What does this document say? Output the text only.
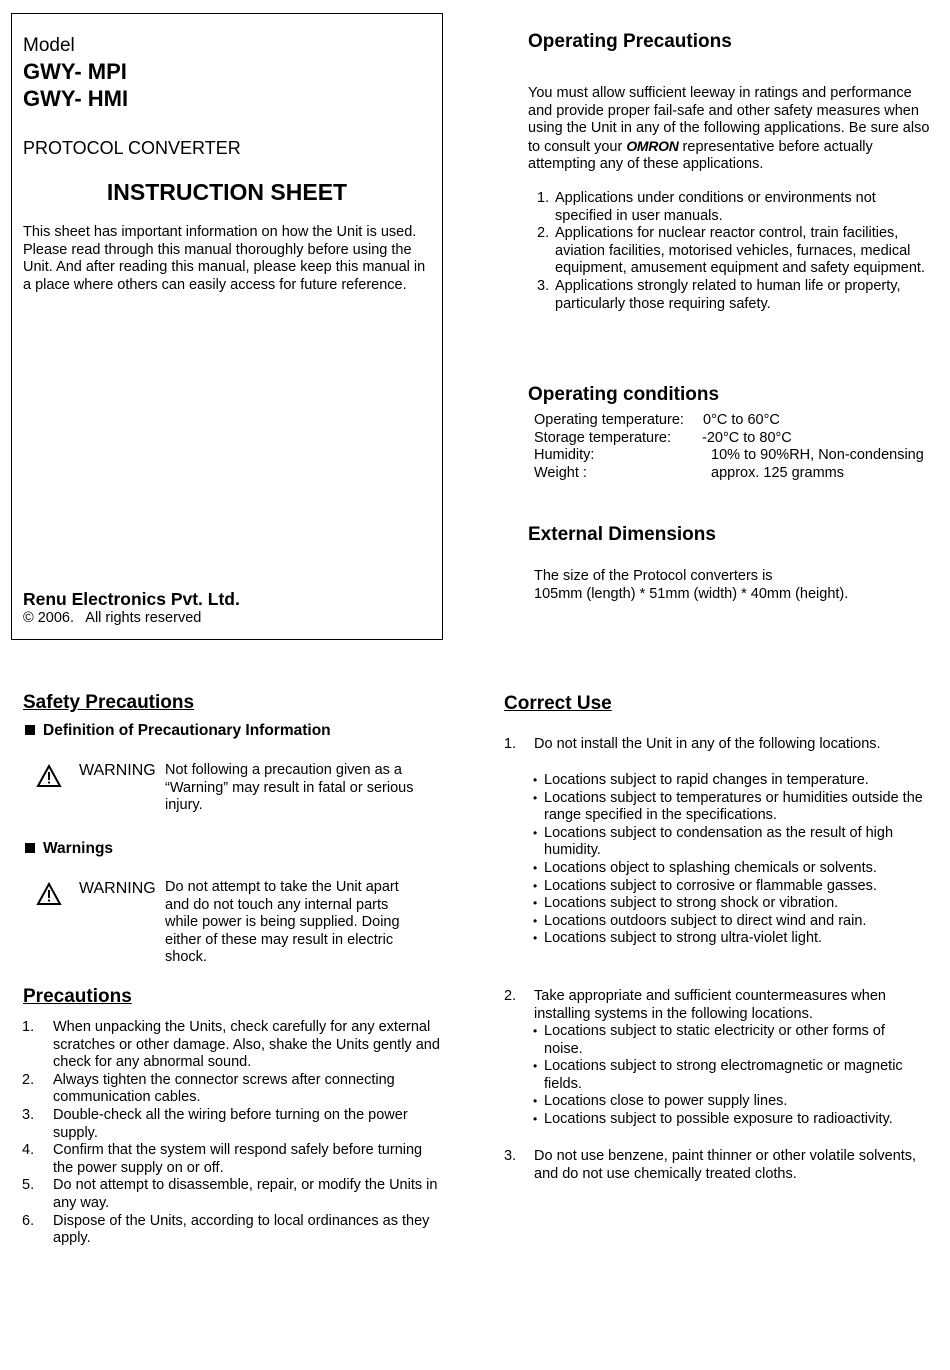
Model
GWY- MPI
GWY- HMI
PROTOCOL CONVERTER
INSTRUCTION SHEET
This sheet has important information on how the Unit is used. Please read through this manual thoroughly before using the Unit. And after reading this manual, please keep this manual in a place where others can easily access for future reference.
Renu Electronics Pvt. Ltd.
© 2006.   All rights reserved
Operating Precautions
You must allow sufficient leeway in ratings and performance and provide proper fail-safe and other safety measures when using the Unit in any of the following applications. Be sure also to consult your OMRON representative before actually attempting any of these applications.
1. Applications under conditions or environments not specified in user manuals.
2. Applications for nuclear reactor control, train facilities, aviation facilities, motorised vehicles, furnaces, medical equipment, amusement equipment and safety equipment.
3. Applications strongly related to human life or property, particularly those requiring safety.
Operating conditions
Operating temperature: 0°C to 60°C
Storage temperature: -20°C to 80°C
Humidity:	10% to 90%RH, Non-condensing
Weight :	approx. 125 gramms
External Dimensions
The size of the Protocol converters is
105mm (length) * 51mm (width) * 40mm (height).
Safety Precautions
Definition of Precautionary Information
WARNING Not following a precaution given as a “Warning” may result in fatal or serious injury.
Warnings
WARNING Do not attempt to take the Unit apart and do not touch any internal parts while power is being supplied. Doing either of these may result in electric shock.
Precautions
1. When unpacking the Units, check carefully for any external scratches or other damage. Also, shake the Units gently and check for any abnormal sound.
2. Always tighten the connector screws after connecting communication cables.
3. Double-check all the wiring before turning on the power supply.
4. Confirm that the system will respond safely before turning the power supply on or off.
5. Do not attempt to disassemble, repair, or modify the Units in any way.
6. Dispose of the Units, according to local ordinances as they apply.
Correct Use
1. Do not install the Unit in any of the following locations.
• Locations subject to rapid changes in temperature.
• Locations subject to temperatures or humidities outside the range specified in the specifications.
• Locations subject to condensation as the result of high humidity.
• Locations object to splashing chemicals or solvents.
• Locations subject to corrosive or flammable gasses.
• Locations subject to strong shock or vibration.
• Locations outdoors subject to direct wind and rain.
• Locations subject to strong ultra-violet light.
2. Take appropriate and sufficient countermeasures when installing systems in the following locations.
• Locations subject to static electricity or other forms of noise.
• Locations subject to strong electromagnetic or magnetic fields.
• Locations close to power supply lines.
• Locations subject to possible exposure to radioactivity.
3. Do not use benzene, paint thinner or other volatile solvents, and do not use chemically treated cloths.
